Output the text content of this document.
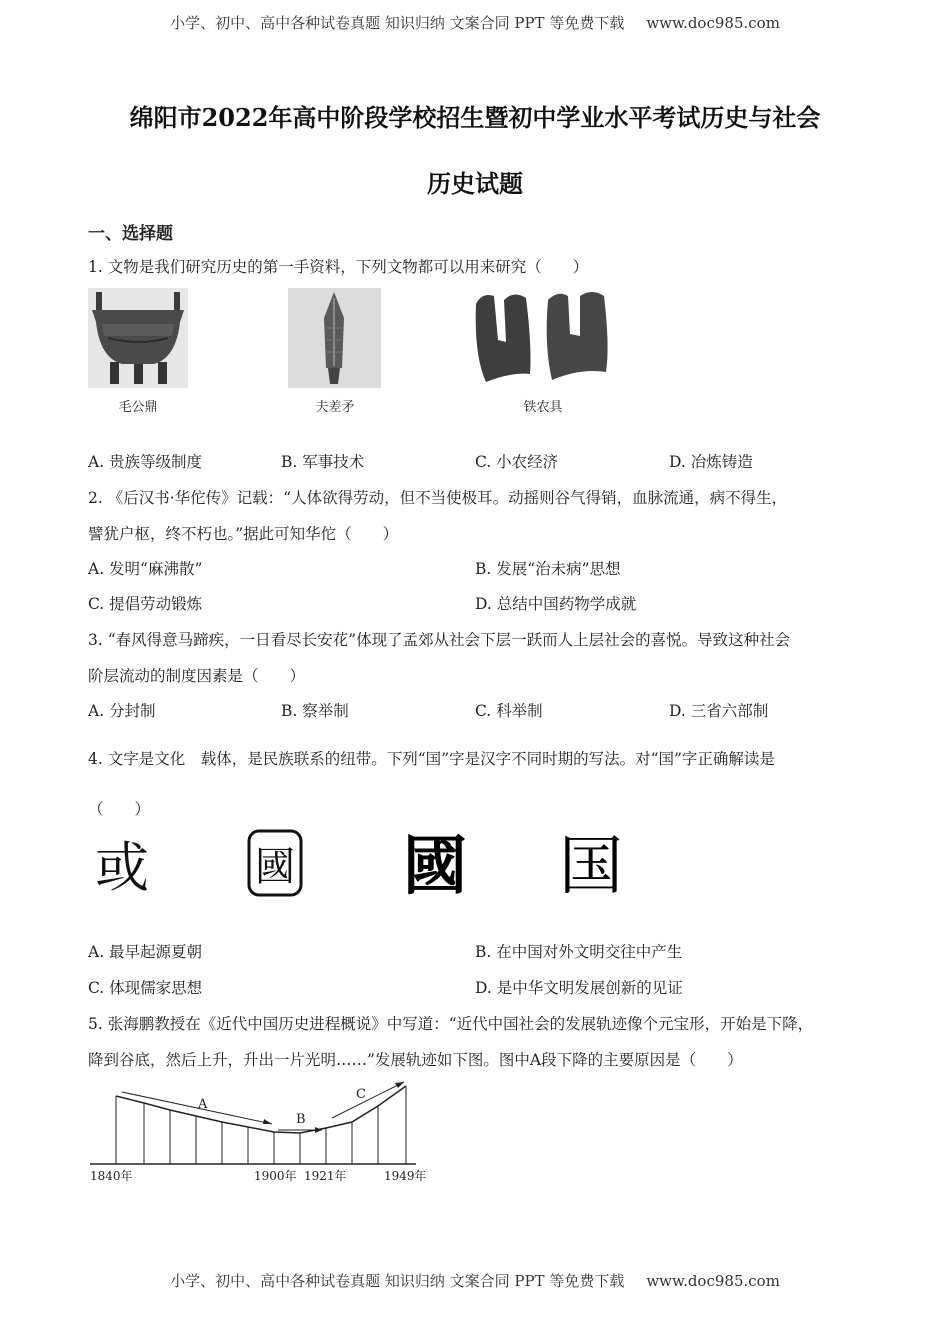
小学、初中、高中各种试卷真题 知识归纳 文案合同 PPT 等免费下载 www.doc985.com
绵阳市2022年高中阶段学校招生暨初中学业水平考试历史与社会
历史试题
一、选择题
1. 文物是我们研究历史的第一手资料，下列文物都可以用来研究（　　）
毛公鼎	夫差矛	铁农具
A. 贵族等级制度	B. 军事技术	C. 小农经济	D. 冶炼铸造
2. 《后汉书·华佗传》记载：“人体欲得劳动，但不当使极耳。动摇则谷气得销，血脉流通，病不得生，
譬犹户枢，终不朽也。”据此可知华佗（　　）
A. 发明“麻沸散”	B. 发展“治未病”思想
C. 提倡劳动锻炼	D. 总结中国药物学成就
3. “春风得意马蹄疾，一日看尽长安花”体现了孟郊从社会下层一跃而人上层社会的喜悦。导致这种社会
阶层流动的制度因素是（　　）
A. 分封制	B. 察举制	C. 科举制	D. 三省六部制
4. 文字是文化　载体，是民族联系的纽带。下列“国”字是汉字不同时期的写法。对“国”字正确解读是
（　　）
或	國 國 国
A. 最早起源夏朝	B. 在中国对外文明交往中产生
C. 体现儒家思想	D. 是中华文明发展创新的见证
5. 张海鹏教授在《近代中国历史进程概说》中写道：“近代中国社会的发展轨迹像个元宝形，开始是下降，
降到谷底，然后上升，升出一片光明……”发展轨迹如下图。图中A段下降的主要原因是（　　）
A
B
C
1840年	1900年 1921年	1949年
小学、初中、高中各种试卷真题 知识归纳 文案合同 PPT 等免费下载 www.doc985.com
